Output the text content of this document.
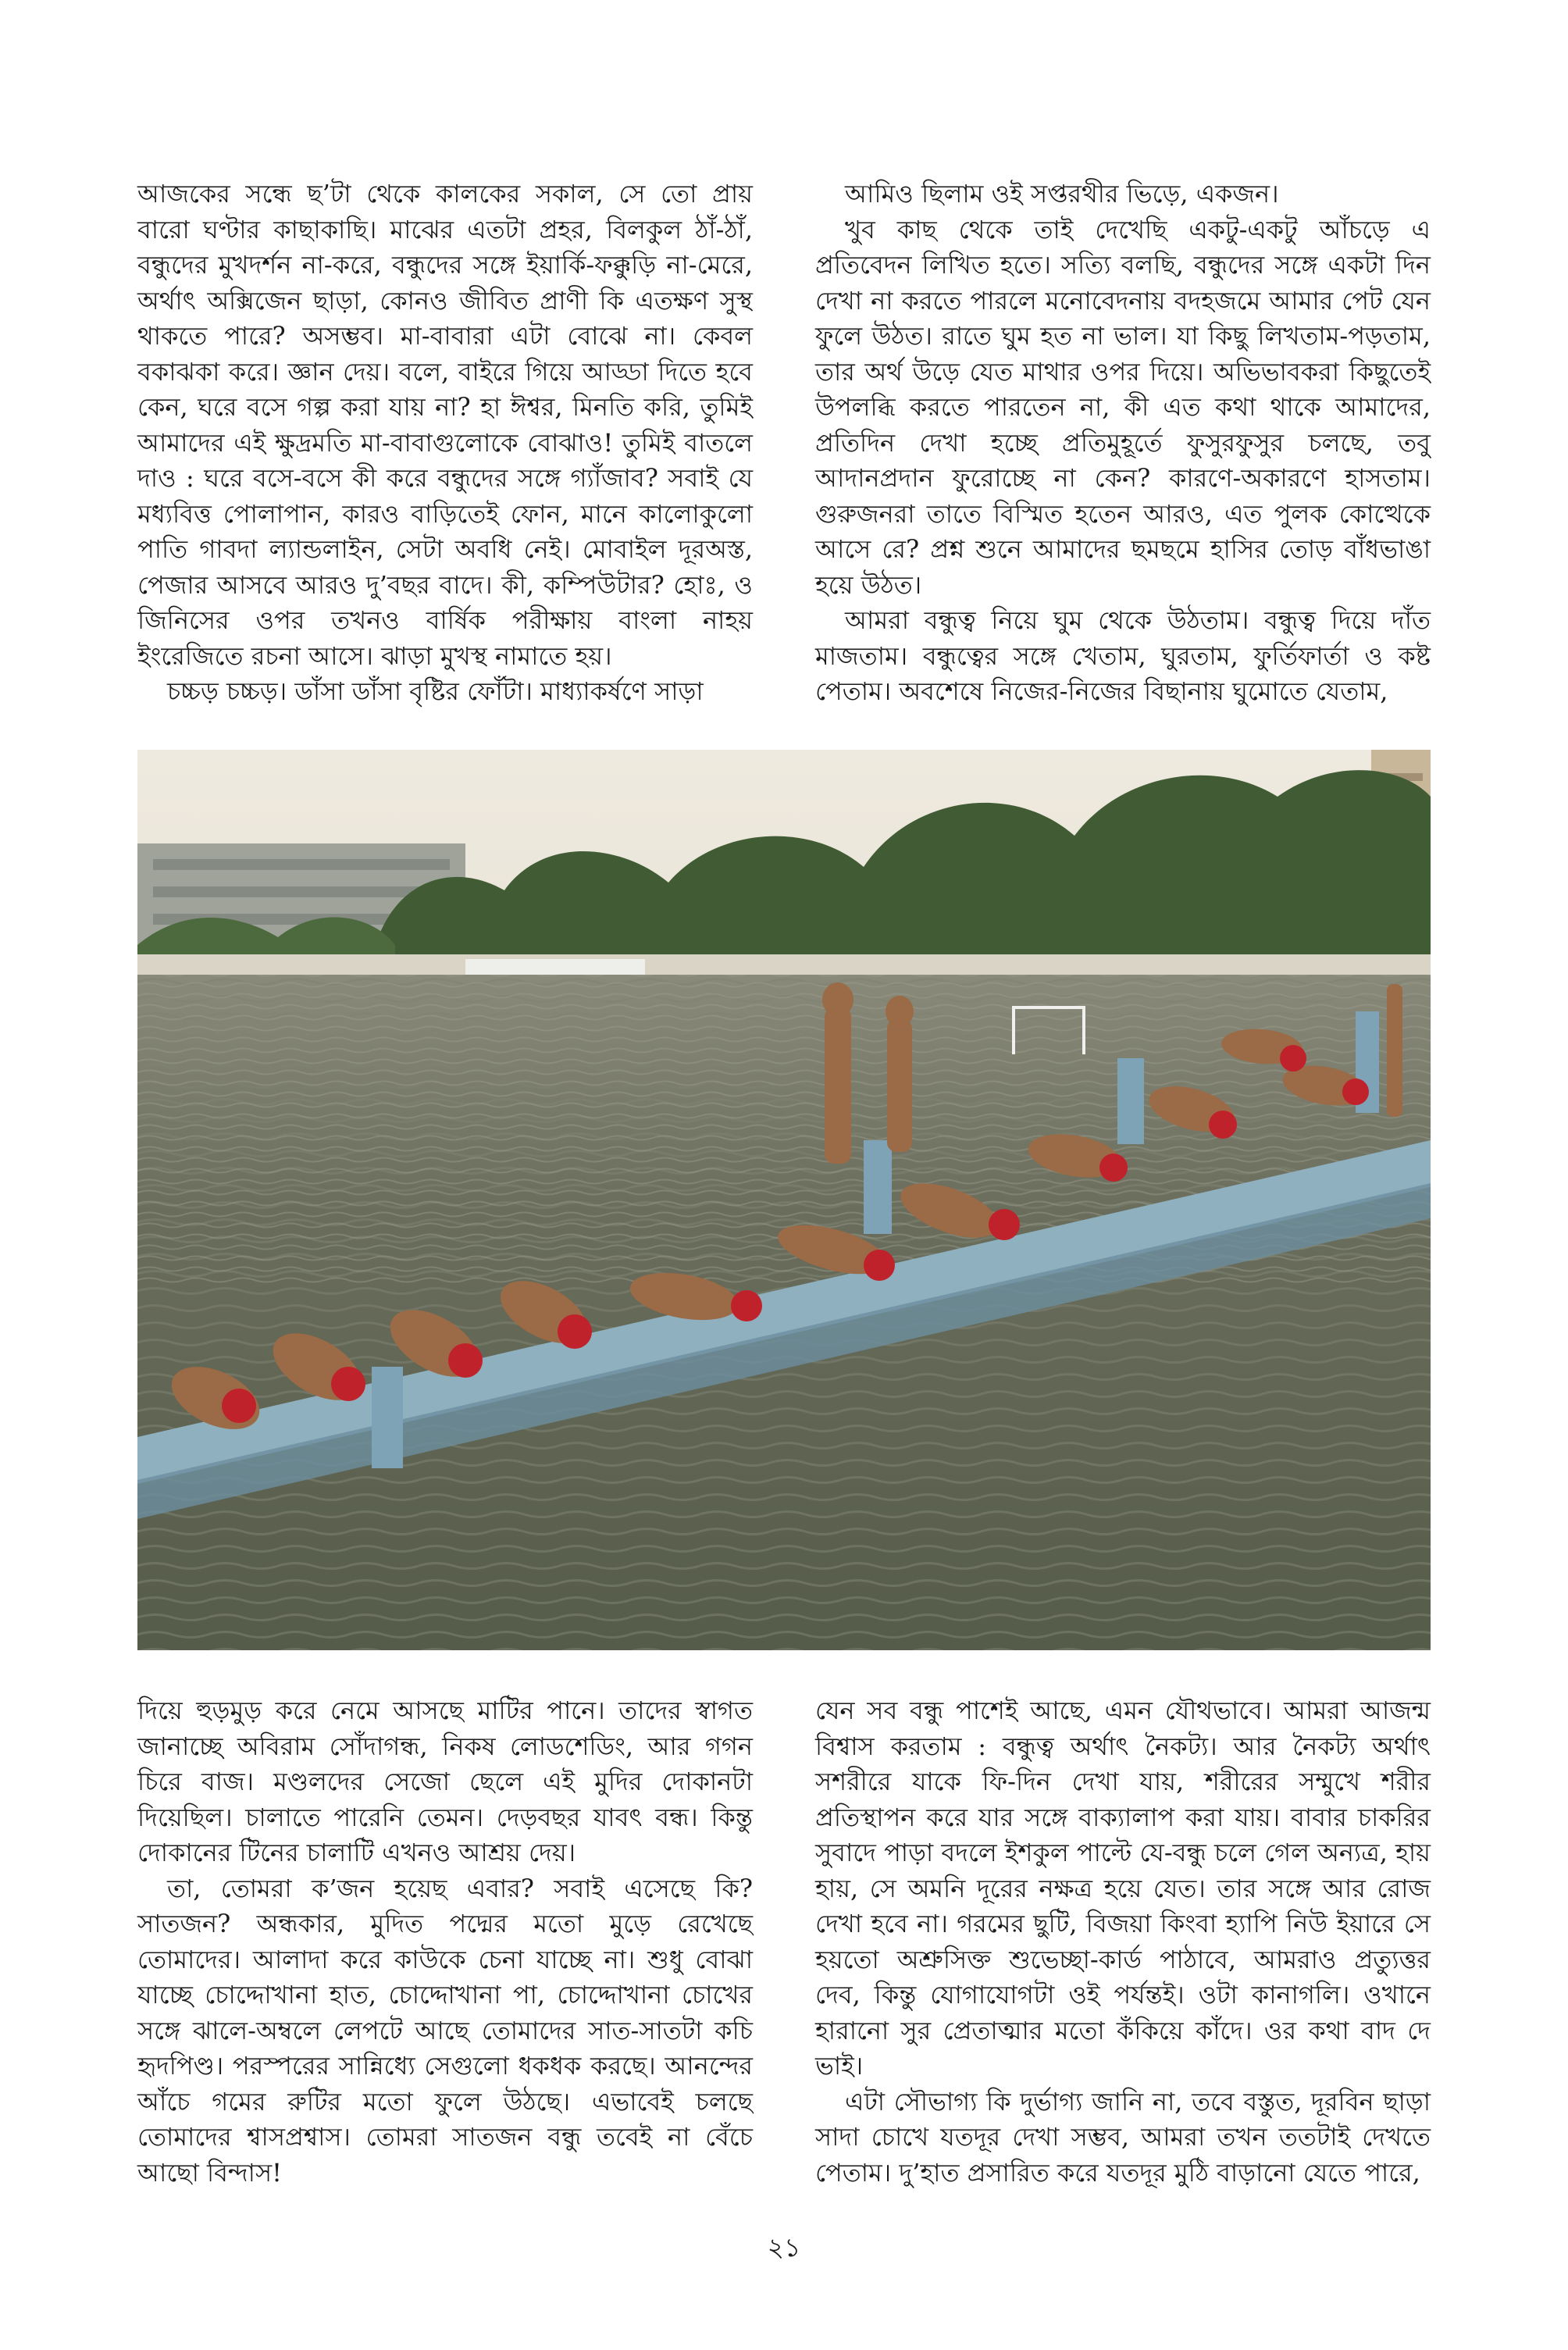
আজকের সন্ধে ছ’টা থেকে কালকের সকাল, সে তো প্রায় বারো ঘণ্টার কাছাকাছি। মাঝের এতটা প্রহর, বিলকুল ঠাঁ-ঠাঁ, বন্ধুদের মুখদর্শন না-করে, বন্ধুদের সঙ্গে ইয়ার্কি-ফক্কুড়ি না-মেরে, অর্থাৎ অক্সিজেন ছাড়া, কোনও জীবিত প্রাণী কি এতক্ষণ সুস্থ থাকতে পারে? অসম্ভব। মা-বাবারা এটা বোঝে না। কেবল বকাঝকা করে। জ্ঞান দেয়। বলে, বাইরে গিয়ে আড্ডা দিতে হবে কেন, ঘরে বসে গল্প করা যায় না? হা ঈশ্বর, মিনতি করি, তুমিই আমাদের এই ক্ষুদ্রমতি মা-বাবাগুলোকে বোঝাও! তুমিই বাতলে দাও : ঘরে বসে-বসে কী করে বন্ধুদের সঙ্গে গ্যাঁজাব? সবাই যে মধ্যবিত্ত পোলাপান, কারও বাড়িতেই ফোন, মানে কালোকুলো পাতি গাবদা ল্যান্ডলাইন, সেটা অবধি নেই। মোবাইল দূরঅস্ত, পেজার আসবে আরও দু’বছর বাদে। কী, কম্পিউটার? হোঃ, ও জিনিসের ওপর তখনও বার্ষিক পরীক্ষায় বাংলা নাহয় ইংরেজিতে রচনা আসে। ঝাড়া মুখস্থ নামাতে হয়।

চচ্চড় চচ্চড়। ডাঁসা ডাঁসা বৃষ্টির ফোঁটা। মাধ্যাকর্ষণে সাড়া

আমিও ছিলাম ওই সপ্তরথীর ভিড়ে, একজন।

খুব কাছ থেকে তাই দেখেছি একটু-একটু আঁচড়ে এ প্রতিবেদন লিখিত হতে। সত্যি বলছি, বন্ধুদের সঙ্গে একটা দিন দেখা না করতে পারলে মনোবেদনায় বদহজমে আমার পেট যেন ফুলে উঠত। রাতে ঘুম হত না ভাল। যা কিছু লিখতাম-পড়তাম, তার অর্থ উড়ে যেত মাথার ওপর দিয়ে। অভিভাবকরা কিছুতেই উপলব্ধি করতে পারতেন না, কী এত কথা থাকে আমাদের, প্রতিদিন দেখা হচ্ছে প্রতিমুহূর্তে ফুসুরফুসুর চলছে, তবু আদানপ্রদান ফুরোচ্ছে না কেন? কারণে-অকারণে হাসতাম। গুরুজনরা তাতে বিস্মিত হতেন আরও, এত পুলক কোত্থেকে আসে রে? প্রশ্ন শুনে আমাদের ছমছমে হাসির তোড় বাঁধভাঙা হয়ে উঠত।

আমরা বন্ধুত্ব নিয়ে ঘুম থেকে উঠতাম। বন্ধুত্ব দিয়ে দাঁত মাজতাম। বন্ধুত্বের সঙ্গে খেতাম, ঘুরতাম, ফুর্তিফার্তা ও কষ্ট পেতাম। অবশেষে নিজের-নিজের বিছানায় ঘুমোতে যেতাম,

দিয়ে হুড়মুড় করে নেমে আসছে মাটির পানে। তাদের স্বাগত জানাচ্ছে অবিরাম সোঁদাগন্ধ, নিকষ লোডশেডিং, আর গগন চিরে বাজ। মণ্ডলদের সেজো ছেলে এই মুদির দোকানটা দিয়েছিল। চালাতে পারেনি তেমন। দেড়বছর যাবৎ বন্ধ। কিন্তু দোকানের টিনের চালাটি এখনও আশ্রয় দেয়।

তা, তোমরা ক’জন হয়েছ এবার? সবাই এসেছে কি? সাতজন? অন্ধকার, মুদিত পদ্মের মতো মুড়ে রেখেছে তোমাদের। আলাদা করে কাউকে চেনা যাচ্ছে না। শুধু বোঝা যাচ্ছে চোদ্দোখানা হাত, চোদ্দোখানা পা, চোদ্দোখানা চোখের সঙ্গে ঝালে-অম্বলে লেপটে আছে তোমাদের সাত-সাতটা কচি হৃদপিণ্ড। পরস্পরের সান্নিধ্যে সেগুলো ধকধক করছে। আনন্দের আঁচে গমের রুটির মতো ফুলে উঠছে। এভাবেই চলছে তোমাদের শ্বাসপ্রশ্বাস। তোমরা সাতজন বন্ধু তবেই না বেঁচে আছো বিন্দাস!

যেন সব বন্ধু পাশেই আছে, এমন যৌথভাবে। আমরা আজন্ম বিশ্বাস করতাম : বন্ধুত্ব অর্থাৎ নৈকট্য। আর নৈকট্য অর্থাৎ সশরীরে যাকে ফি-দিন দেখা যায়, শরীরের সম্মুখে শরীর প্রতিস্থাপন করে যার সঙ্গে বাক্যালাপ করা যায়। বাবার চাকরির সুবাদে পাড়া বদলে ইশকুল পাল্টে যে-বন্ধু চলে গেল অন্যত্র, হায় হায়, সে অমনি দূরের নক্ষত্র হয়ে যেত। তার সঙ্গে আর রোজ দেখা হবে না। গরমের ছুটি, বিজয়া কিংবা হ্যাপি নিউ ইয়ারে সে হয়তো অশ্রুসিক্ত শুভেচ্ছা-কার্ড পাঠাবে, আমরাও প্রত্যুত্তর দেব, কিন্তু যোগাযোগটা ওই পর্যন্তই। ওটা কানাগলি। ওখানে হারানো সুর প্রেতাত্মার মতো কঁকিয়ে কাঁদে। ওর কথা বাদ দে ভাই।

এটা সৌভাগ্য কি দুর্ভাগ্য জানি না, তবে বস্তুত, দূরবিন ছাড়া সাদা চোখে যতদূর দেখা সম্ভব, আমরা তখন ততটাই দেখতে পেতাম। দু’হাত প্রসারিত করে যতদূর মুঠি বাড়ানো যেতে পারে,

২১
